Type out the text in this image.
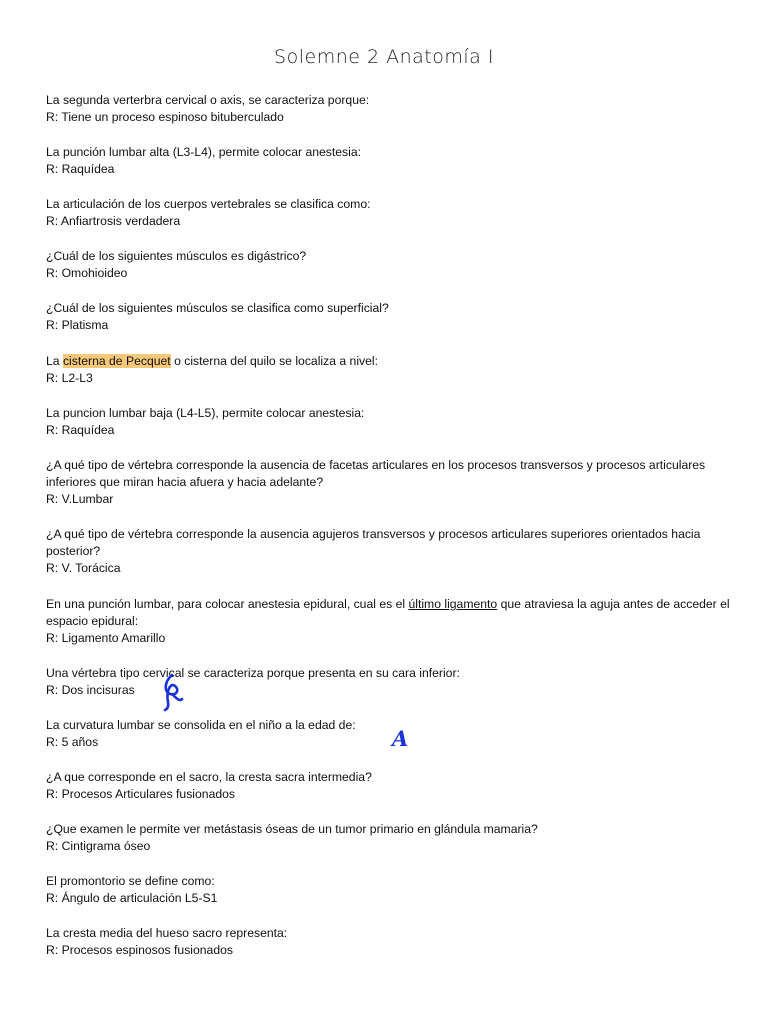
Solemne 2 Anatomía I

La segunda verterbra cervical o axis, se caracteriza porque:

R: Tiene un proceso espinoso bituberculado

La punción lumbar alta (L3-L4), permite colocar anestesia:

R: Raquídea

La articulación de los cuerpos vertebrales se clasifica como:

R: Anfiartrosis verdadera

¿Cuál de los siguientes músculos es digástrico?

R: Omohioideo

¿Cuál de los siguientes músculos se clasifica como superficial?

R: Platisma

La cisterna de Pecquet o cisterna del quilo se localiza a nivel:

R: L2-L3

La puncion lumbar baja (L4-L5), permite colocar anestesia:

R: Raquídea

¿A qué tipo de vértebra corresponde la ausencia de facetas articulares en los procesos transversos y procesos articulares inferiores que miran hacia afuera y hacia adelante?

R: V.Lumbar

¿A qué tipo de vértebra corresponde la ausencia agujeros transversos y procesos articulares superiores orientados hacia posterior?

R: V. Torácica

En una punción lumbar, para colocar anestesia epidural, cual es el último ligamento que atraviesa la aguja antes de acceder el espacio epidural:

R: Ligamento Amarillo

Una vértebra tipo cervical se caracteriza porque presenta en su cara inferior:

R: Dos incisuras

La curvatura lumbar se consolida en el niño a la edad de:

R: 5 años

¿A que corresponde en el sacro, la cresta sacra intermedia?

R: Procesos Articulares fusionados

¿Que examen le permite ver metástasis óseas de un tumor primario en glándula mamaria?

R: Cintigrama óseo

El promontorio se define como:

R: Ángulo de articulación L5-S1

La cresta media del hueso sacro representa:

R: Procesos espinosos fusionados

A
